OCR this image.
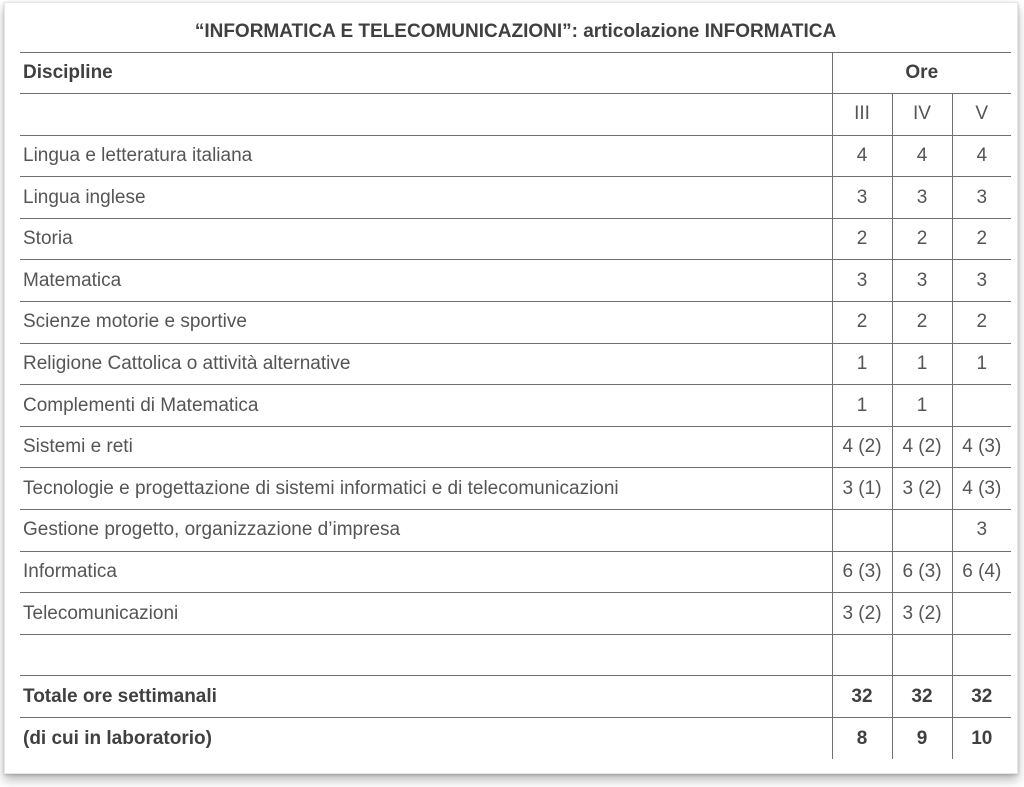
“INFORMATICA E TELECOMUNICAZIONI”: articolazione INFORMATICA			
Discipline	Ore		
	III	IV	V
Lingua e letteratura italiana	4	4	4
Lingua inglese	3	3	3
Storia	2	2	2
Matematica	3	3	3
Scienze motorie e sportive	2	2	2
Religione Cattolica o attività alternative	1	1	1
Complementi di Matematica	1	1	
Sistemi e reti	4 (2)	4 (2)	4 (3)
Tecnologie e progettazione di sistemi informatici e di telecomunicazioni	3 (1)	3 (2)	4 (3)
Gestione progetto, organizzazione d’impresa			3
Informatica	6 (3)	6 (3)	6 (4)
Telecomunicazioni	3 (2)	3 (2)	

Totale ore settimanali	32	32	32
(di cui in laboratorio)	8	9	10
